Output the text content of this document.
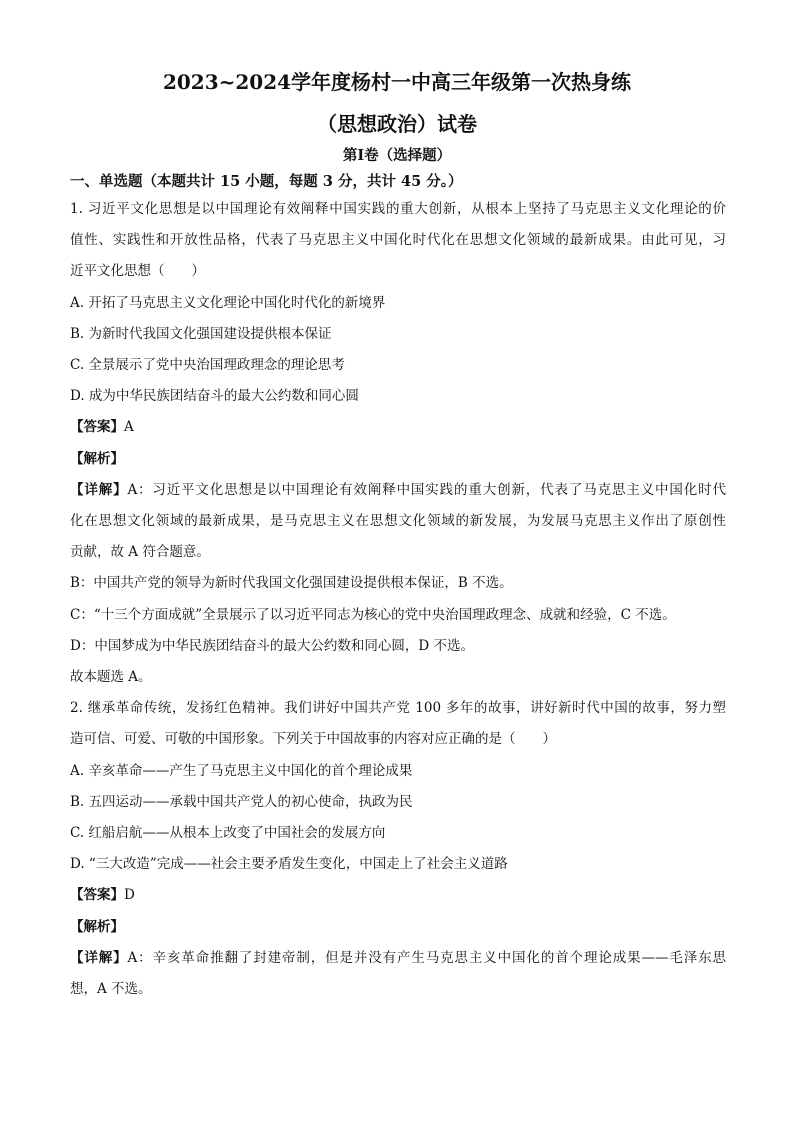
2023~2024学年度杨村一中高三年级第一次热身练
（思想政治）试卷
第Ⅰ卷（选择题）
一、单选题（本题共计 15 小题，每题 3 分，共计 45 分。）
1. 习近平文化思想是以中国理论有效阐释中国实践的重大创新，从根本上坚持了马克思主义文化理论的价
值性、实践性和开放性品格，代表了马克思主义中国化时代化在思想文化领域的最新成果。由此可见，习
近平文化思想（　　）
A. 开拓了马克思主义文化理论中国化时代化的新境界
B. 为新时代我国文化强国建设提供根本保证
C. 全景展示了党中央治国理政理念的理论思考
D. 成为中华民族团结奋斗的最大公约数和同心圆
【答案】A
【解析】
【详解】A：习近平文化思想是以中国理论有效阐释中国实践的重大创新，代表了马克思主义中国化时代
化在思想文化领域的最新成果，是马克思主义在思想文化领域的新发展，为发展马克思主义作出了原创性
贡献，故 A 符合题意。
B：中国共产党的领导为新时代我国文化强国建设提供根本保证，B 不选。
C：“十三个方面成就”全景展示了以习近平同志为核心的党中央治国理政理念、成就和经验，C 不选。
D：中国梦成为中华民族团结奋斗的最大公约数和同心圆，D 不选。
故本题选 A。
2. 继承革命传统，发扬红色精神。我们讲好中国共产党 100 多年的故事，讲好新时代中国的故事，努力塑
造可信、可爱、可敬的中国形象。下列关于中国故事的内容对应正确的是（　　）
A. 辛亥革命——产生了马克思主义中国化的首个理论成果
B. 五四运动——承载中国共产党人的初心使命，执政为民
C. 红船启航——从根本上改变了中国社会的发展方向
D. “三大改造”完成——社会主要矛盾发生变化，中国走上了社会主义道路
【答案】D
【解析】
【详解】A：辛亥革命推翻了封建帝制，但是并没有产生马克思主义中国化的首个理论成果——毛泽东思
想，A 不选。
